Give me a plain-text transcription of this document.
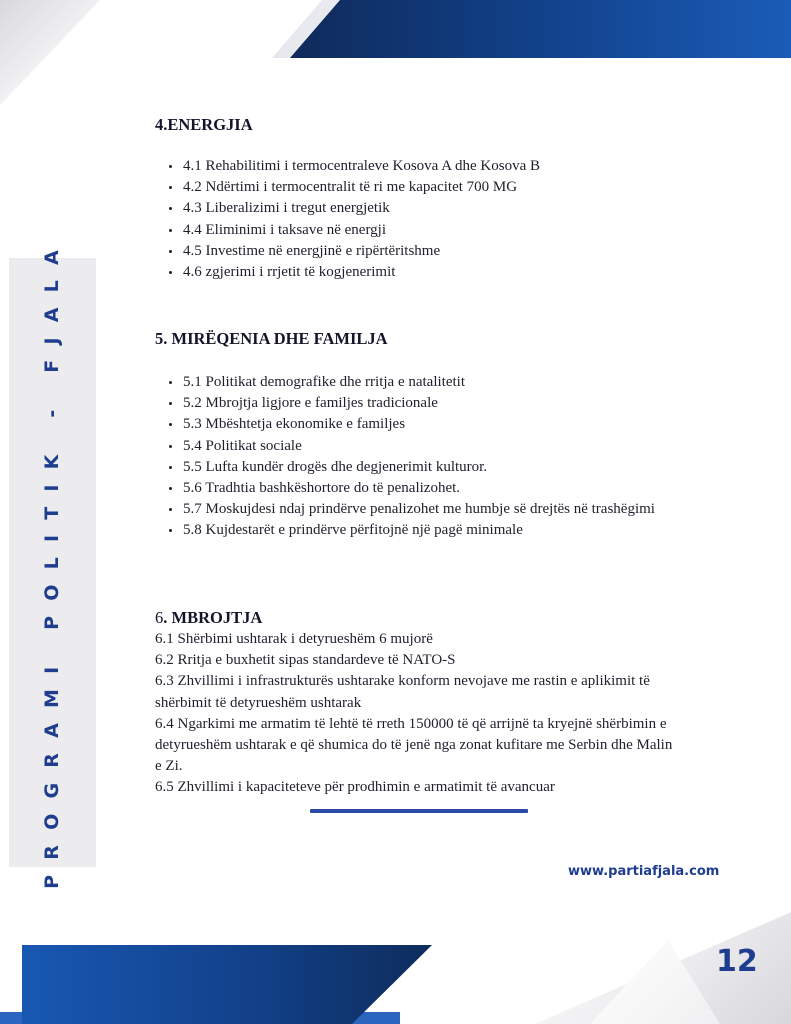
PROGRAMI POLITIK - FJALA
4.ENERGJIA
• 4.1 Rehabilitimi i termocentraleve Kosova A dhe Kosova B
• 4.2 Ndërtimi i termocentralit të ri me kapacitet 700 MG
• 4.3 Liberalizimi i tregut energjetik
• 4.4 Eliminimi i taksave në energji
• 4.5 Investime në energjinë e ripërtëritshme
• 4.6 zgjerimi i rrjetit të kogjenerimit
5. MIRËQENIA DHE FAMILJA
• 5.1 Politikat demografike dhe rritja e natalitetit
• 5.2 Mbrojtja ligjore e familjes tradicionale
• 5.3 Mbështetja ekonomike e familjes
• 5.4 Politikat sociale
• 5.5 Lufta kundër drogës dhe degjenerimit kulturor.
• 5.6 Tradhtia bashkëshortore do të penalizohet.
• 5.7 Moskujdesi ndaj prindërve penalizohet me humbje së drejtës në trashëgimi
• 5.8 Kujdestarët e prindërve përfitojnë një pagë minimale
6. MBROJTJA

6.1 Shërbimi ushtarak i detyrueshëm 6 mujorë

6.2 Rritja e buxhetit sipas standardeve të NATO-S

6.3 Zhvillimi i infrastrukturës ushtarake konform nevojave me rastin e aplikimit të shërbimit të detyrueshëm ushtarak

6.4 Ngarkimi me armatim të lehtë të rreth 150000 të që arrijnë ta kryejnë shërbimin e detyrueshëm ushtarak e që shumica do të jenë nga zonat kufitare me Serbin dhe Malin e Zi.

6.5 Zhvillimi i kapaciteteve për prodhimin e armatimit të avancuar

www.partiafjala.com
12
